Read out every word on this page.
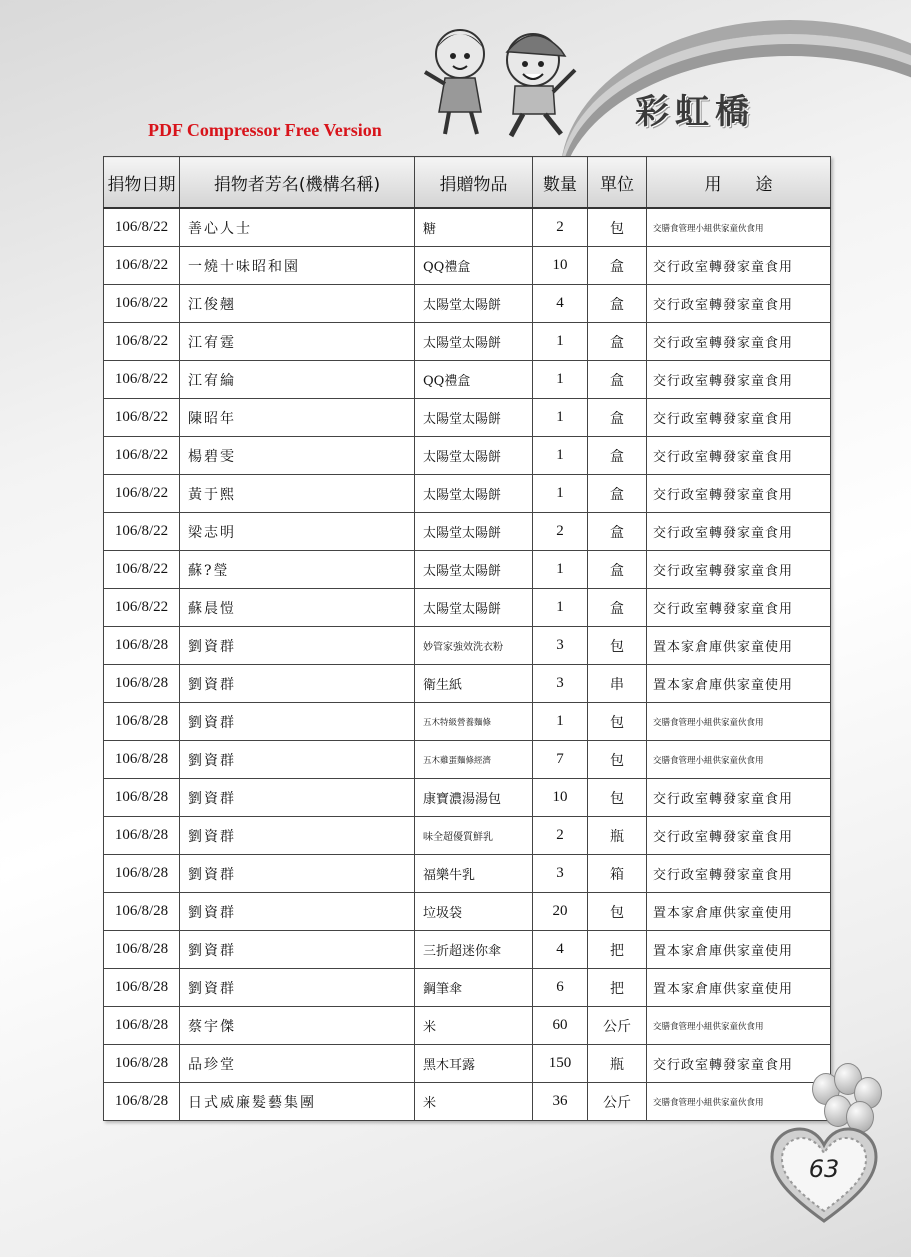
彩虹橋
PDF Compressor Free Version
捐物日期	捐物者芳名(機構名稱)	捐贈物品	數量	單位	用　　途
106/8/22	善心人士	糖	2	包	交膳食管理小組供家童伙食用
106/8/22	一燒十味昭和園	QQ禮盒	10	盒	交行政室轉發家童食用
106/8/22	江俊翹	太陽堂太陽餅	4	盒	交行政室轉發家童食用
106/8/22	江宥霆	太陽堂太陽餅	1	盒	交行政室轉發家童食用
106/8/22	江宥綸	QQ禮盒	1	盒	交行政室轉發家童食用
106/8/22	陳昭年	太陽堂太陽餅	1	盒	交行政室轉發家童食用
106/8/22	楊碧雯	太陽堂太陽餅	1	盒	交行政室轉發家童食用
106/8/22	黃于熙	太陽堂太陽餅	1	盒	交行政室轉發家童食用
106/8/22	梁志明	太陽堂太陽餅	2	盒	交行政室轉發家童食用
106/8/22	蘇?瑩	太陽堂太陽餅	1	盒	交行政室轉發家童食用
106/8/22	蘇晨愷	太陽堂太陽餅	1	盒	交行政室轉發家童食用
106/8/28	劉資群	妙管家強效洗衣粉	3	包	置本家倉庫供家童使用
106/8/28	劉資群	衛生紙	3	串	置本家倉庫供家童使用
106/8/28	劉資群	五木特級營養麵條	1	包	交膳食管理小組供家童伙食用
106/8/28	劉資群	五木雞蛋麵條經濟	7	包	交膳食管理小組供家童伙食用
106/8/28	劉資群	康寶濃湯湯包	10	包	交行政室轉發家童食用
106/8/28	劉資群	味全超優質鮮乳	2	瓶	交行政室轉發家童食用
106/8/28	劉資群	福樂牛乳	3	箱	交行政室轉發家童食用
106/8/28	劉資群	垃圾袋	20	包	置本家倉庫供家童使用
106/8/28	劉資群	三折超迷你傘	4	把	置本家倉庫供家童使用
106/8/28	劉資群	鋼筆傘	6	把	置本家倉庫供家童使用
106/8/28	蔡宇傑	米	60	公斤	交膳食管理小組供家童伙食用
106/8/28	品珍堂	黑木耳露	150	瓶	交行政室轉發家童食用
106/8/28	日式威廉髮藝集團	米	36	公斤	交膳食管理小組供家童伙食用
63
